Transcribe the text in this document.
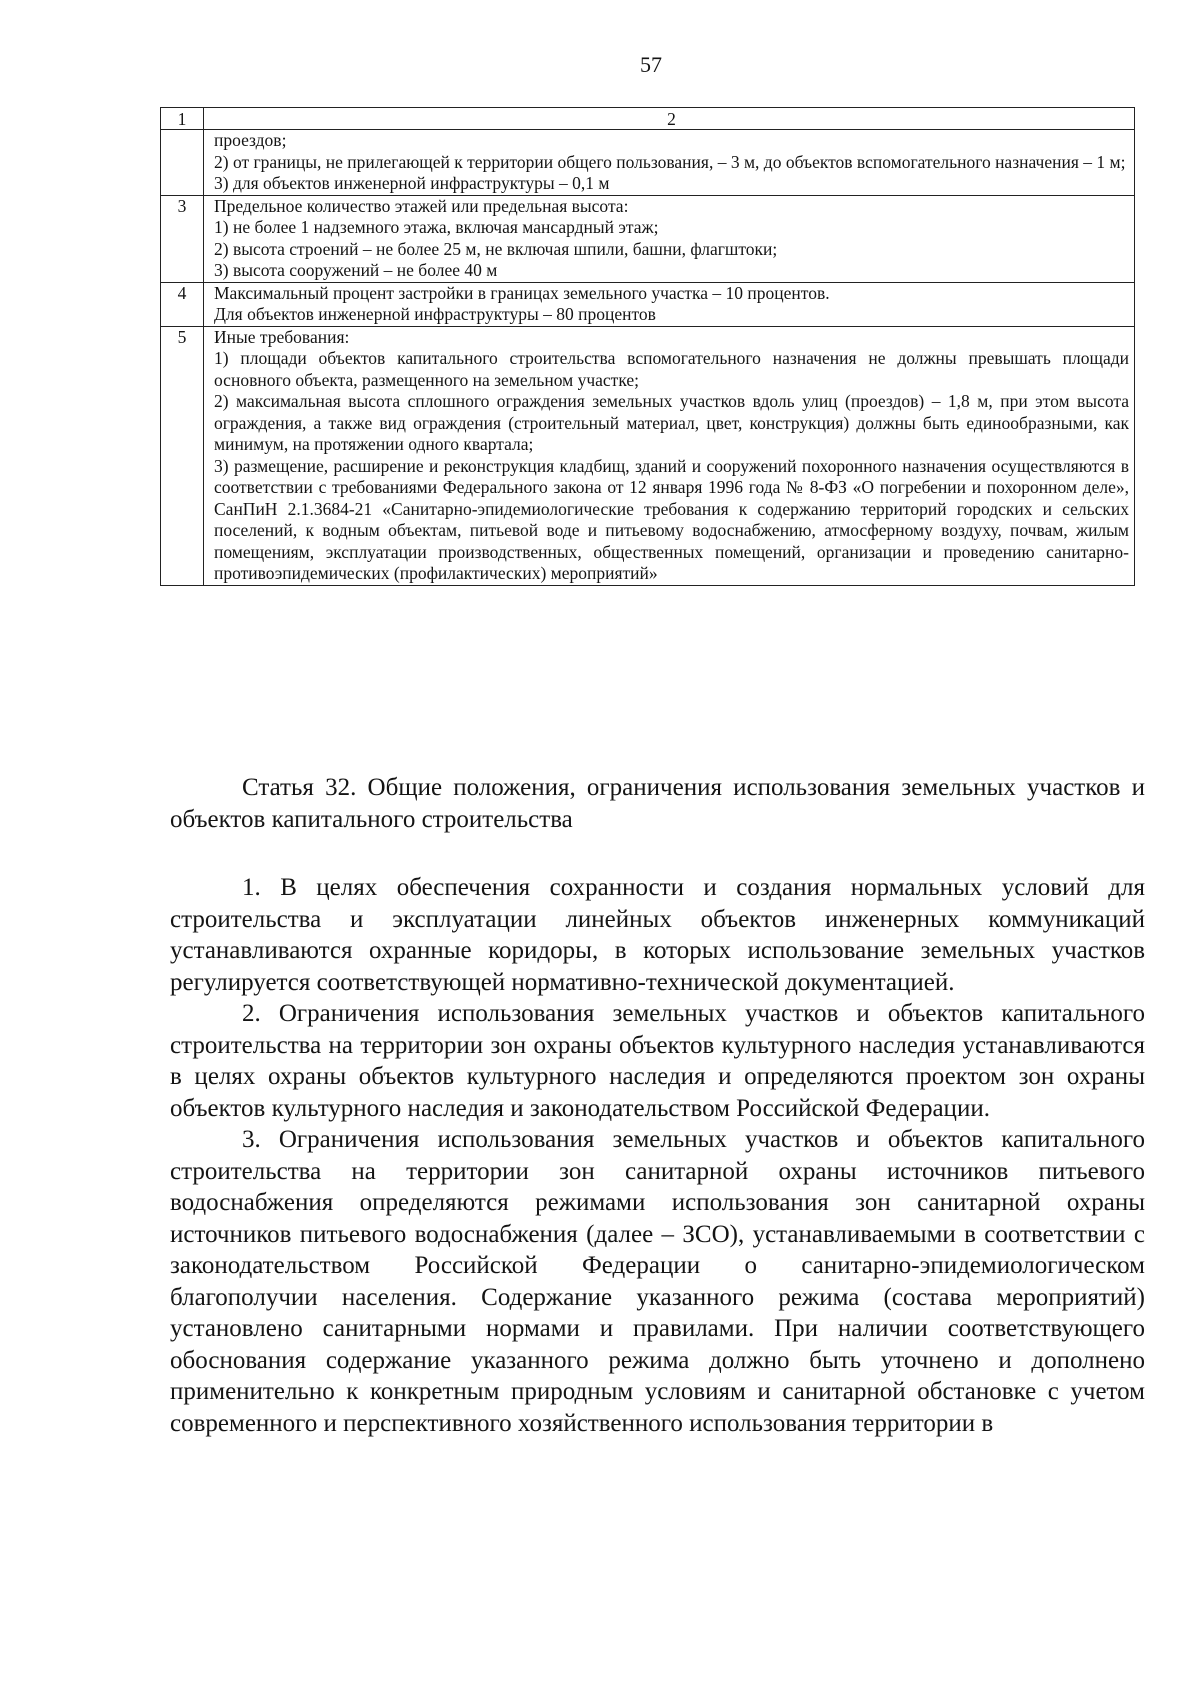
57
1	2

	проездов;

2) от границы, не прилегающей к территории общего пользования, – 3 м, до объектов вспомогательного назначения – 1 м;

3) для объектов инженерной инфраструктуры – 0,1 м

3	Предельное количество этажей или предельная высота:

1) не более 1 надземного этажа, включая мансардный этаж;

2) высота строений – не более 25 м, не включая шпили, башни, флагштоки;

3) высота сооружений – не более 40 м

4	Максимальный процент застройки в границах земельного участка – 10 процентов.

Для объектов инженерной инфраструктуры – 80 процентов

5	Иные требования:

1) площади объектов капитального строительства вспомогательного назначения не должны превышать площади основного объекта, размещенного на земельном участке;

2) максимальная высота сплошного ограждения земельных участков вдоль улиц (проездов) – 1,8 м, при этом высота ограждения, а также вид ограждения (строительный материал, цвет, конструкция) должны быть единообразными, как минимум, на протяжении одного квартала;

3) размещение, расширение и реконструкция кладбищ, зданий и сооружений похоронного назначения осуществляются в соответствии с требованиями Федерального закона от 12 января 1996 года № 8-ФЗ «О погребении и похоронном деле», СанПиН 2.1.3684-21 «Санитарно-эпидемиологические требования к содержанию территорий городских и сельских поселений, к водным объектам, питьевой воде и питьевому водоснабжению, атмосферному воздуху, почвам, жилым помещениям, эксплуатации производственных, общественных помещений, организации и проведению санитарно-противоэпидемических (профилактических) мероприятий»

Статья 32. Общие положения, ограничения использования земельных участков и объектов капитального строительства

1. В целях обеспечения сохранности и создания нормальных условий для строительства и эксплуатации линейных объектов инженерных коммуникаций устанавливаются охранные коридоры, в которых использование земельных участков регулируется соответствующей нормативно-технической документацией.

2. Ограничения использования земельных участков и объектов капитального строительства на территории зон охраны объектов культурного наследия устанавливаются в целях охраны объектов культурного наследия и определяются проектом зон охраны объектов культурного наследия и законодательством Российской Федерации.

3. Ограничения использования земельных участков и объектов капитального строительства на территории зон санитарной охраны источников питьевого водоснабжения определяются режимами использования зон санитарной охраны источников питьевого водоснабжения (далее – ЗСО), устанавливаемыми в соответствии с законодательством Российской Федерации о санитарно-эпидемиологическом благополучии населения. Содержание указанного режима (состава мероприятий) установлено санитарными нормами и правилами. При наличии соответствующего обоснования содержание указанного режима должно быть уточнено и дополнено применительно к конкретным природным условиям и санитарной обстановке с учетом современного и перспективного хозяйственного использования территории в
